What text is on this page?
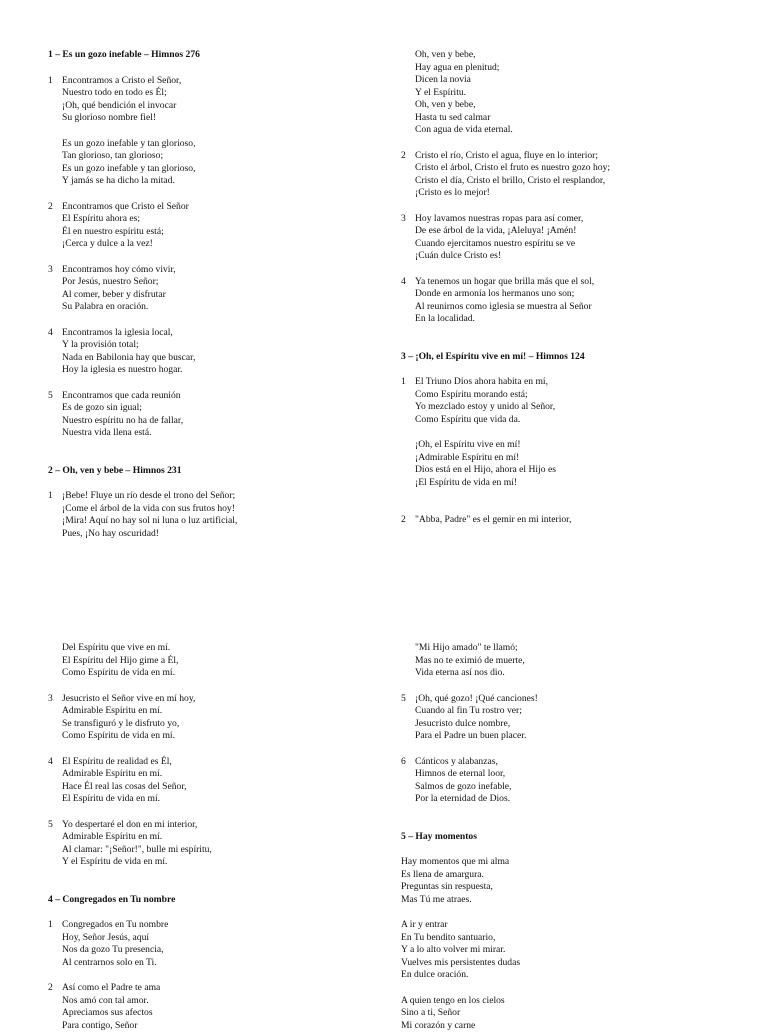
1 – Es un gozo inefable – Himnos 276
1 Encontramos a Cristo el Señor,
Nuestro todo en todo es Él;
¡Oh, qué bendición el invocar
Su glorioso nombre fiel!
Es un gozo inefable y tan glorioso,
Tan glorioso, tan glorioso;
Es un gozo inefable y tan glorioso,
Y jamás se ha dicho la mitad.
2 Encontramos que Cristo el Señor
El Espíritu ahora es;
Él en nuestro espíritu está;
¡Cerca y dulce a la vez!
3 Encontramos hoy cómo vivir,
Por Jesús, nuestro Señor;
Al comer, beber y disfrutar
Su Palabra en oración.
4 Encontramos la iglesia local,
Y la provisión total;
Nada en Babilonia hay que buscar,
Hoy la iglesia es nuestro hogar.
5 Encontramos que cada reunión
Es de gozo sin igual;
Nuestro espíritu no ha de fallar,
Nuestra vida llena está.
2 – Oh, ven y bebe – Himnos 231
1 ¡Bebe! Fluye un río desde el trono del Señor;
¡Come el árbol de la vida con sus frutos hoy!
¡Mira! Aquí no hay sol ni luna o luz artificial,
Pues, ¡No hay oscuridad!
Oh, ven y bebe,
Hay agua en plenitud;
Dicen la novia
Y el Espíritu.
Oh, ven y bebe,
Hasta tu sed calmar
Con agua de vida eternal.
2 Cristo el río, Cristo el agua, fluye en lo interior;
Cristo el árbol, Cristo el fruto es nuestro gozo hoy;
Cristo el día, Cristo el brillo, Cristo el resplandor,
¡Cristo es lo mejor!
3 Hoy lavamos nuestras ropas para así comer,
De ese árbol de la vida, ¡Aleluya! ¡Amén!
Cuando ejercitamos nuestro espíritu se ve
¡Cuán dulce Cristo es!
4 Ya tenemos un hogar que brilla más que el sol,
Donde en armonía los hermanos uno son;
Al reunirnos como iglesia se muestra al Señor
En la localidad.
3 – ¡Oh, el Espíritu vive en mí! – Himnos 124
1 El Triuno Dios ahora habita en mí,
Como Espíritu morando está;
Yo mezclado estoy y unido al Señor,
Como Espíritu que vida da.
¡Oh, el Espíritu vive en mí!
¡Admirable Espíritu en mí!
Dios está en el Hijo, ahora el Hijo es
¡El Espíritu de vida en mí!
2 "Abba, Padre" es el gemir en mi interior,
Del Espíritu que vive en mí.
El Espíritu del Hijo gime a Él,
Como Espíritu de vida en mí.
3 Jesucristo el Señor vive en mí hoy,
Admirable Espíritu en mí.
Se transfiguró y le disfruto yo,
Como Espíritu de vida en mí.
4 El Espíritu de realidad es Él,
Admirable Espíritu en mí.
Hace Él real las cosas del Señor,
El Espíritu de vida en mí.
5 Yo despertaré el don en mi interior,
Admirable Espíritu en mí.
Al clamar: "¡Señor!", bulle mi espíritu,
Y el Espíritu de vida en mí.
4 – Congregados en Tu nombre
1 Congregados en Tu nombre
Hoy, Señor Jesús, aquí
Nos da gozo Tu presencia,
Al centrarnos solo en Ti.
2 Así como el Padre te ama
Nos amó con tal amor.
Apreciamos sus afectos
Para contigo, Señor
"Mi Hijo amado" te llamó;
Mas no te eximió de muerte,
Vida eterna así nos dio.
5 ¡Oh, qué gozo! ¡Qué canciones!
Cuando al fin Tu rostro ver;
Jesucristo dulce nombre,
Para el Padre un buen placer.
6 Cánticos y alabanzas,
Himnos de eternal loor,
Salmos de gozo inefable,
Por la eternidad de Dios.
5 – Hay momentos
Hay momentos que mi alma
Es llena de amargura.
Preguntas sin respuesta,
Mas Tú me atraes.
A ir y entrar
En Tu bendito santuario,
Y a lo alto volver mi mirar.
Vuelves mis persistentes dudas
En dulce oración.
A quien tengo en los cielos
Sino a ti, Señor
Mi corazón y carne
